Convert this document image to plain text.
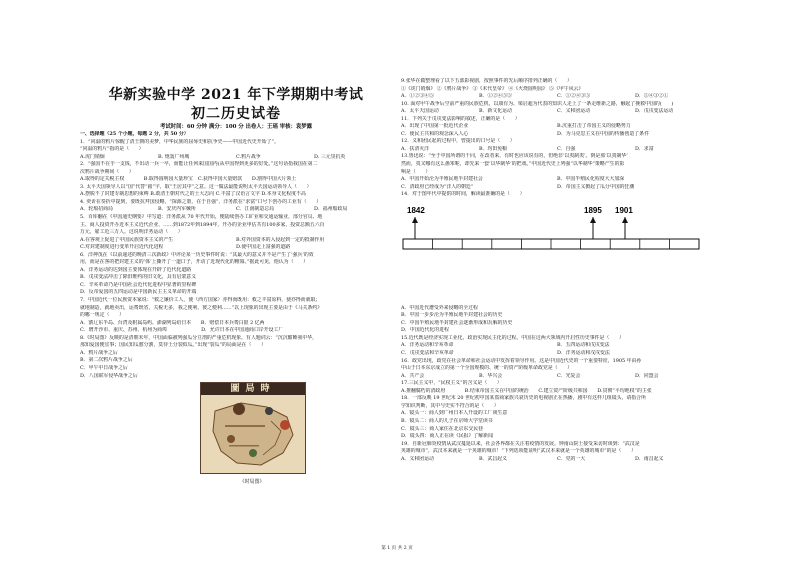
华新实验中学 2021 年下学期期中考试
初二历史试卷
考试时间：60 分钟 满分：100 分 出卷人：王瑶 审核：袁梦露
一、选择题（25 个小题，每题 2 分，共 50 分）
1．“同温的鸦片惊醒了清王朝的美梦，中华民族的屈辱史和抗争史——中国近代史开始了”。
“同温的鸦片”指的是（　　）
A.虎门销烟	B. 炮轰广州城	C.鸦片战争	D. 三元里抗英
2．“强国不在乎一支钱，不出动一兵一卒，而能让任何来国国内(从中国得到更多的好处。”这句话指我国在第二
次鸦片战争期间（　　）
A.取得的定关税主权　　　　B.取得圆明园大量珍宝　C.获得中国大量赔款　　D.割得中国大片领土
3. 太平天国领导人以“国”代替“圆”字，取“王居其中”之意。这一做法最能说明太平天国运动领导人（　　）
A.摆脱不了封建专制思想的束缚 B.敢清王朝对代之的土大志向 C.丰富了汉语言文字 D.本身文化程度不高
4. 奕䜣在奏折中提到，要既抗拜国侵略，“探源之策，在于自强”，洋务派在“求富”口号下创办的工业有（　　）
A．轮船招商局	B．安庆内军械所	C．江南制造总局	D．福州船政局
5．百库翻在《中国通史纲要》中写道：洋务派从 70 年代开始，便陆续创办工矿业和交通运输业，部分官员、地
主、商人投资开办近本主义近代企业，……到1872年到1894年，开办的企业申估共有100多家，投资总额五六百
万元，雇工近三万人。这说明洋务运动（　　）
A.在客观上促进了中国民族资本主义的产生	B.对外国资本的入侵起到一定的抵制作用
C.对封建制度进行变革开启近代化进程	D.使中国走上富强的道路
6．洋神茂在《以前递述的晚清三次新政》中评论某一历史事件时说：“其最大的意义并不是产生了‘强兵’的效
用，而是在客的把封建主义的‘体’上撕开了一道口子，开动了近现代化的帷幕。”据此可见，他认为（　　）
A．洋务运动的达到国主要体现在开辟了近代化道路
B．戊戌变法冲击了除旧维约的旧文化，具有启蒙意义
C．辛亥革命乃是中国社会近代化进程中显著的里程碑
D．反帝爱国的五四运动是中国新民主主义革命的开端
7．中国近代一位民族资本家说：“救之廉价工人，使（西方国家）亦得而既用：救之丰富原料，使亦得而就取；
就地制造，就地卖出，运费既省，关税无多，我之便利，彼之便利……”以上现象的出现主要是由于《马关条约》
的哪一规定（　　）
A．割辽东半岛、台湾及附属岛屿、澎湖列岛给日本　　B．赔偿日本兵费白银 2 亿两
C．增开沙市、重庆、苏州、杭州为商埠　　　　　　　D．允许日本在中国通商口岸开设工厂
8.《时局图》反映的是清朝末年，中国面临被列强瓜分豆剖的严重危机现象。有人题词云：“沉沉酣睡我中华，
那知爱国便宜事；国民知瓜愈分割，莫待土分裂似瓜。”出现“裂瓜”的局面是在（　　）
A．鸦片战争之后
B．第二次鸦片战争之后
C．甲午中日战争之后
D．八国联军侵华战争之后
圖局時
《时局图》
9.张华在做整理看了以下五部影视剧，按照事件的先后顺序排列正确的（　　）
①《虎门销烟》 ②《鸦片战争》 ③《末代皇帝》 ④《火烧圆明园》 ⑤《甲午风云》
A．①②③④⑤	B．①②④⑤③	C．①②④③⑤	D．⑤④③②①
10. 面对甲午战争后空前严重的民族危机，以康有为、梁启超为代表的知识人走上了一条走维新之路，触起了挽救中国的(　　)
A．太平天国运动	B．新文化运动	C．义和团运动	D．戊戌变法运动
11．下列关于戊戌变法影响的叙述，正确的是（　　）
A．出现了中国第一批近代企业	B.沉重打击了帝国主义的侵略势力
C．使民主共和的观念深入人心	D．为马克思主义在中国的传播创造了条件
12．义和团民起的过程中，曾提出的口号是（　　）
A．扶清灭洋	B．均田免粮	C．自强	D．求富
13.鲁迅说：“至于中国所谓的千同，在改者来，有时也应该说有的，但绝非‘以夷制夷’。倒是那‘以夷制华’
然而，夷又哪有这么愚笨呢，却先来一套‘以华制华’的把戏。”中国近代史上列强“以华制华”策略产生的影
响是（　　）
A．中国开始沦为半殖民地半封建社会	B．中国半殖民化程度大大加深
C．清政府已经成为“洋人的朝廷”	D．帝国主义掀起了瓜分中国的狂潮
14．对于图年代中提供的时间，解读最准确的是（　　）
1842	1895 1901
A．中国近代遭受外来侵略的全过程
B．中国一步步沦为半殖民地半封建社会的历史
C．中国半殖民地半封建社会逐渐形成和瓦解的历史
D．中国近代化的进程
15.近代既是经济实现工业化，政治实现民主化的过程。中国在这两大领域内开启性历史事件是（　　）
A．洋务运动和辛亥革命	B．五四运动和戊戌变法
C．戊戌变法和辛亥革命	D．洋务运动和戊戌变法
16．政党出现，政党在社会革命和社会运动中发挥着领导作用。这是中国近代史的一个重要特征，1905 年由孙
中山于日本东京成立的第一个全国规模的、统一的资产阶级革命政党是（　　）
A．共产会	B．华兴会	C．光复会	D．同盟会
17.三民主义中，“民权主义”的含义是（　　）
A.推翻腐朽的清政府　　　　B.结束帝国主义在中国的统治　　C.建立资产阶级共和国　　D.贯彻“平均地权”的主张
18．一部反映 19 世纪末 20 世纪初中国某盗商家族兴衰历史的电视剧正在热播，剧中有这样几组镜头，请指合所
学知识判断，其中与史实不符合的是（　　）
A．镜头一：商人到广州日本人开设的工厂谈生意
B．镜头二：商人的儿子在京师大学堂读书
C．镜头三：商人家住在北京东交民巷
D．镜头四：商人正在读《民报》了解新闻
19．自新冠肺炎疫情从武汉蔓延以来，社会各界都在关注着疫情的发展。钟南山院士接受采访时谈到：“武汉是
英雄的城市”，武汉本来就是一个英雄的城市！”下列选项能证明“武汉本来就是一个英雄的城市”的是（　　）
A．义和团运动	B．武昌起义	C．党的一大	D．南昌起义
第 1 页 共 2 页
